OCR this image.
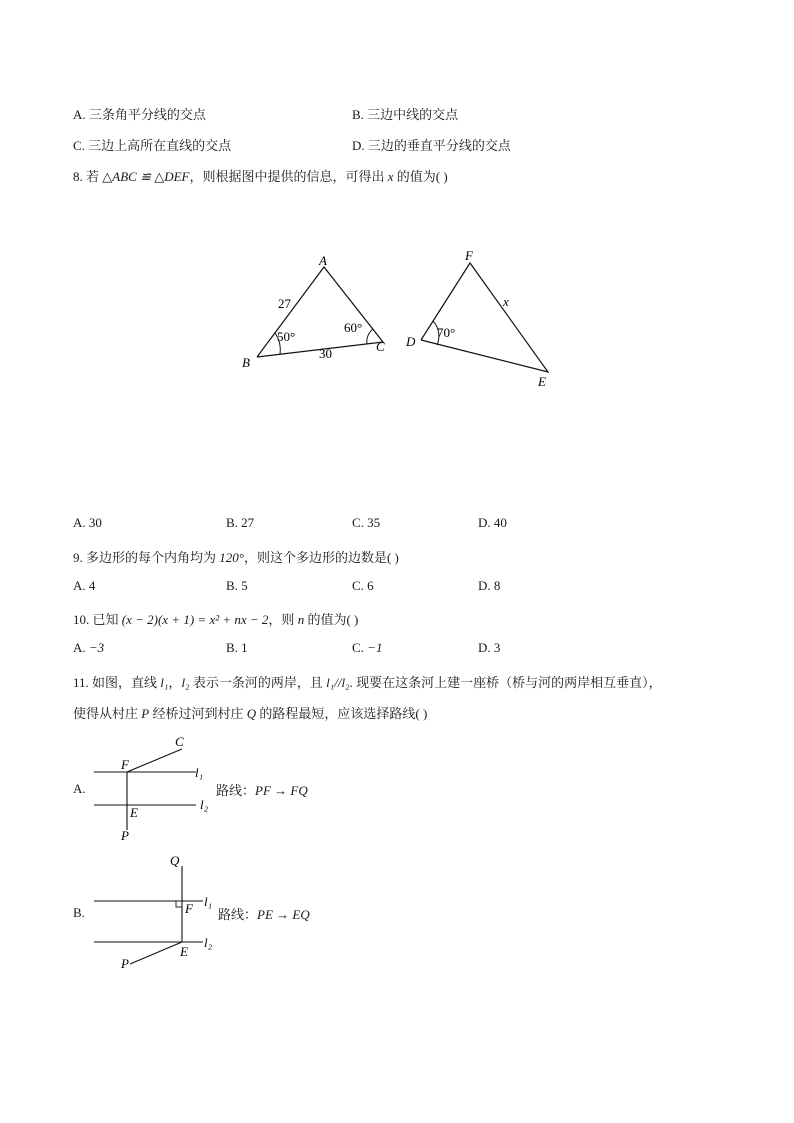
A. 三条角平分线的交点	B. 三边中线的交点
C. 三边上高所在直线的交点	D. 三边的垂直平分线的交点
8. 若 △ABC ≌ △DEF，则根据图中提供的信息，可得出 x 的值为( )
A
B
C
27
30
50°
60°
F
D
E
70°
x
A. 30	B. 27	C. 35	D. 40
9. 多边形的每个内角均为 120°，则这个多边形的边数是( )
A. 4	B. 5	C. 6	D. 8
10. 已知 (x − 2)(x + 1) = x² + nx − 2，则 n 的值为( )
A. −3	B. 1	C. −1	D. 3
11. 如图，直线 l₁，l₂ 表示一条河的两岸，且 l₁//l₂. 现要在这条河上建一座桥（桥与河的两岸相互垂直），
使得从村庄 P 经桥过河到村庄 Q 的路程最短，应该选择路线( )
A.
C
F
E
P
l₁
l₂
路线：PF → FQ
B.
Q
F
E
P
l₁
l₂
路线：PE → EQ
